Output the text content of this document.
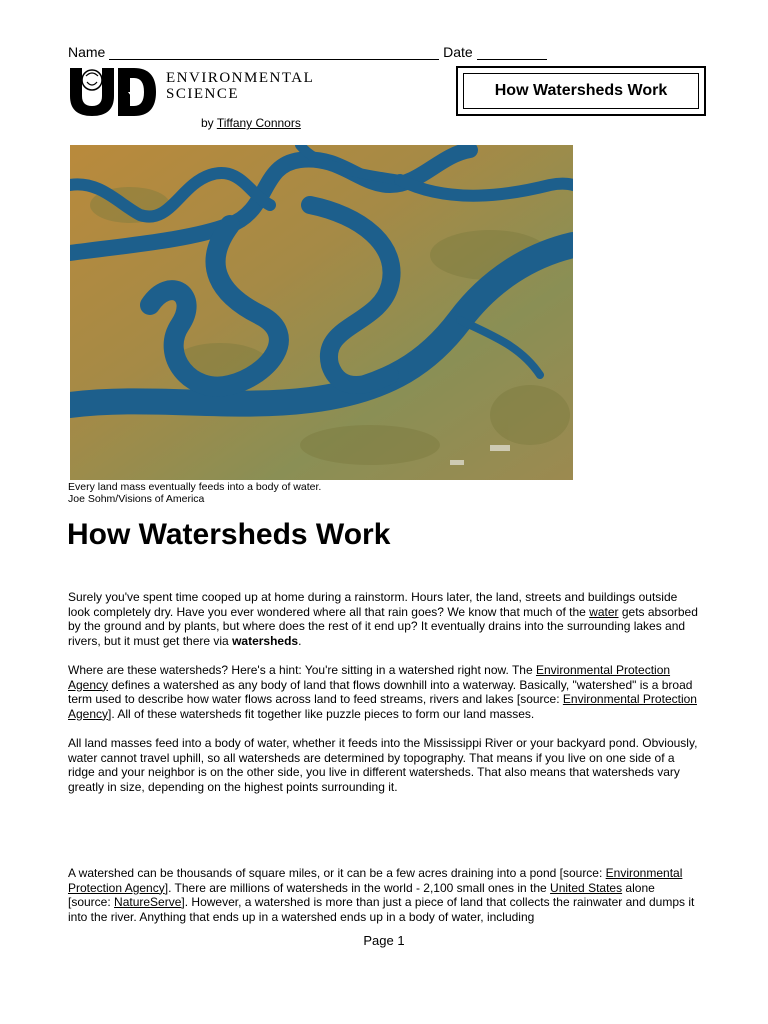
Name	Date
ENVIRONMENTAL
SCIENCE
by Tiffany Connors
How Watersheds Work
Every land mass eventually feeds into a body of water.
Joe Sohm/Visions of America
How Watersheds Work

Surely you've spent time cooped up at home during a rainstorm. Hours later, the land, streets and buildings outside look completely dry. Have you ever wondered where all that rain goes? We know that much of the water gets absorbed by the ground and by plants, but where does the rest of it end up? It eventually drains into the surrounding lakes and rivers, but it must get there via watersheds.

Where are these watersheds? Here's a hint: You're sitting in a watershed right now. The Environmental Protection Agency defines a watershed as any body of land that flows downhill into a waterway. Basically, "watershed" is a broad term used to describe how water flows across land to feed streams, rivers and lakes [source: Environmental Protection Agency]. All of these watersheds fit together like puzzle pieces to form our land masses.

All land masses feed into a body of water, whether it feeds into the Mississippi River or your backyard pond. Obviously, water cannot travel uphill, so all watersheds are determined by topography. That means if you live on one side of a ridge and your neighbor is on the other side, you live in different watersheds. That also means that watersheds vary greatly in size, depending on the highest points surrounding it.

A watershed can be thousands of square miles, or it can be a few acres draining into a pond [source: Environmental Protection Agency]. There are millions of watersheds in the world - 2,100 small ones in the United States alone [source: NatureServe]. However, a watershed is more than just a piece of land that collects the rainwater and dumps it into the river. Anything that ends up in a watershed ends up in a body of water, including

Page 1
